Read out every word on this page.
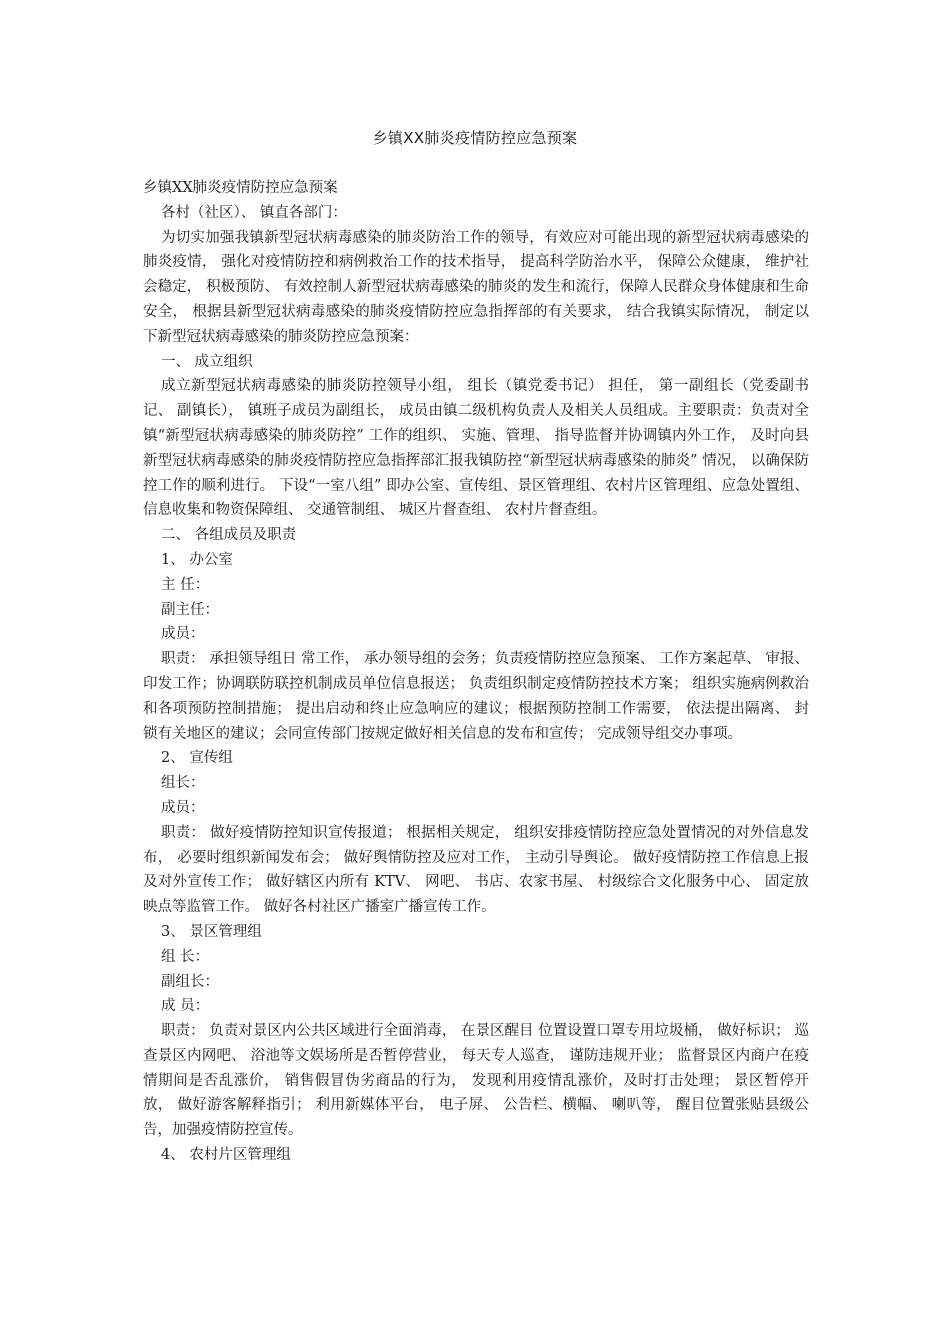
乡镇XX肺炎疫情防控应急预案

乡镇XX肺炎疫情防控应急预案

各村（社区）、 镇直各部门：

为切实加强我镇新型冠状病毒感染的肺炎防治工作的领导，有效应对可能出现的新型冠状病毒感染的肺炎疫情， 强化对疫情防控和病例救治工作的技术指导， 提高科学防治水平， 保障公众健康， 维护社会稳定， 积极预防、 有效控制人新型冠状病毒感染的肺炎的发生和流行，保障人民群众身体健康和生命安全， 根据县新型冠状病毒感染的肺炎疫情防控应急指挥部的有关要求， 结合我镇实际情况， 制定以下新型冠状病毒感染的肺炎防控应急预案：

一、 成立组织

成立新型冠状病毒感染的肺炎防控领导小组， 组长（镇党委书记） 担任， 第一副组长（党委副书记、 副镇长）， 镇班子成员为副组长， 成员由镇二级机构负责人及相关人员组成。主要职责：负责对全镇“新型冠状病毒感染的肺炎防控” 工作的组织、 实施、管理、 指导监督并协调镇内外工作， 及时向县新型冠状病毒感染的肺炎疫情防控应急指挥部汇报我镇防控“新型冠状病毒感染的肺炎” 情况， 以确保防控工作的顺利进行。 下设“一室八组” 即办公室、宣传组、景区管理组、农村片区管理组、应急处置组、信息收集和物资保障组、 交通管制组、 城区片督查组、 农村片督查组。

二、 各组成员及职责

1、 办公室

主 任：

副主任：

成员：

职责： 承担领导组日 常工作， 承办领导组的会务；负责疫情防控应急预案、 工作方案起草、 审报、 印发工作；协调联防联控机制成员单位信息报送； 负责组织制定疫情防控技术方案； 组织实施病例救治和各项预防控制措施； 提出启动和终止应急响应的建议；根据预防控制工作需要， 依法提出隔离、 封锁有关地区的建议；会同宣传部门按规定做好相关信息的发布和宣传； 完成领导组交办事项。

2、 宣传组

组长：

成员：

职责： 做好疫情防控知识宣传报道； 根据相关规定， 组织安排疫情防控应急处置情况的对外信息发布， 必要时组织新闻发布会； 做好舆情防控及应对工作， 主动引导舆论。 做好疫情防控工作信息上报及对外宣传工作； 做好辖区内所有 KTV、 网吧、 书店、农家书屋、 村级综合文化服务中心、 固定放映点等监管工作。 做好各村社区广播室广播宣传工作。

3、 景区管理组

组 长：

副组长：

成 员：

职责： 负责对景区内公共区域进行全面消毒， 在景区醒目 位置设置口罩专用垃圾桶， 做好标识； 巡查景区内网吧、 浴池等文娱场所是否暂停营业， 每天专人巡查， 谨防违规开业； 监督景区内商户在疫情期间是否乱涨价， 销售假冒伪劣商品的行为， 发现利用疫情乱涨价，及时打击处理； 景区暂停开放， 做好游客解释指引； 利用新媒体平台， 电子屏、 公告栏、横幅、 喇叭等， 醒目位置张贴县级公告，加强疫情防控宣传。

4、 农村片区管理组
